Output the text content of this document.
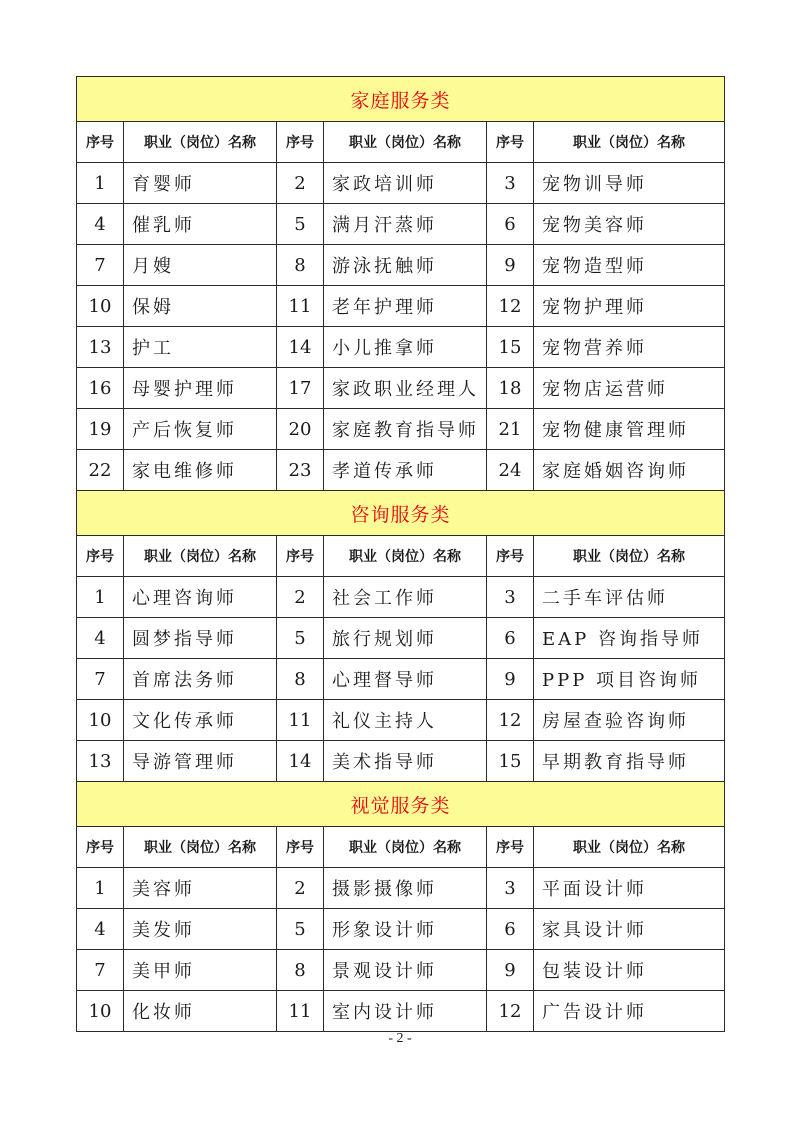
家庭服务类					
序号	职业（岗位）名称	序号	职业（岗位）名称	序号	职业（岗位）名称
1	育婴师	2	家政培训师	3	宠物训导师
4	催乳师	5	满月汗蒸师	6	宠物美容师
7	月嫂	8	游泳抚触师	9	宠物造型师
10	保姆	11	老年护理师	12	宠物护理师
13	护工	14	小儿推拿师	15	宠物营养师
16	母婴护理师	17	家政职业经理人	18	宠物店运营师
19	产后恢复师	20	家庭教育指导师	21	宠物健康管理师
22	家电维修师	23	孝道传承师	24	家庭婚姻咨询师
咨询服务类					
序号	职业（岗位）名称	序号	职业（岗位）名称	序号	职业（岗位）名称
1	心理咨询师	2	社会工作师	3	二手车评估师
4	圆梦指导师	5	旅行规划师	6	EAP 咨询指导师
7	首席法务师	8	心理督导师	9	PPP 项目咨询师
10	文化传承师	11	礼仪主持人	12	房屋查验咨询师
13	导游管理师	14	美术指导师	15	早期教育指导师
视觉服务类					
序号	职业（岗位）名称	序号	职业（岗位）名称	序号	职业（岗位）名称
1	美容师	2	摄影摄像师	3	平面设计师
4	美发师	5	形象设计师	6	家具设计师
7	美甲师	8	景观设计师	9	包装设计师
10	化妆师	11	室内设计师	12	广告设计师
- 2 -
